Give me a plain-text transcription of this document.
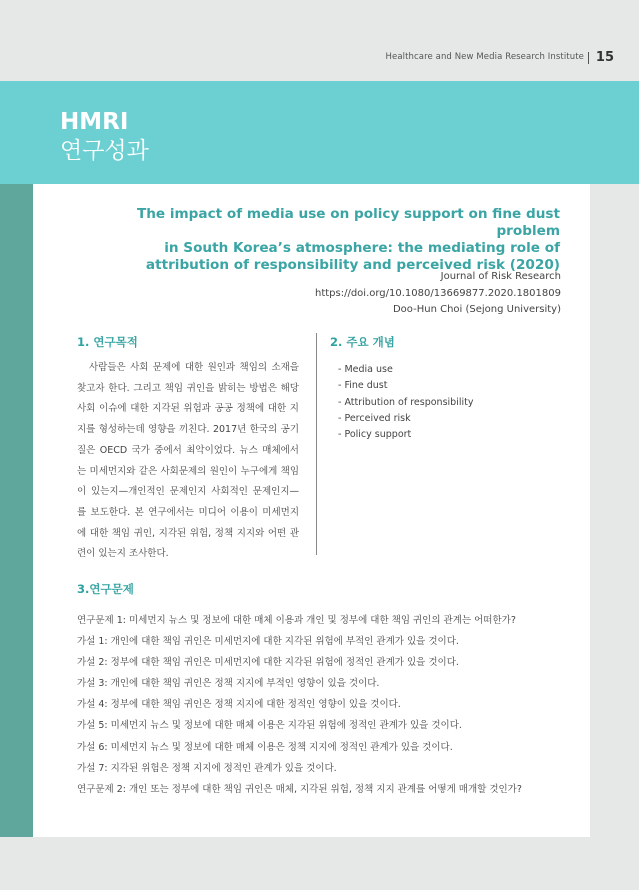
Healthcare and New Media Research Institute 15
HMRI
연구성과
The impact of media use on policy support on fine dust problem
in South Korea’s atmosphere: the mediating role of
attribution of responsibility and perceived risk (2020)
Journal of Risk Research
https://doi.org/10.1080/13669877.2020.1801809
Doo-Hun Choi (Sejong University)
1. 연구목적
사람들은 사회 문제에 대한 원인과 책임의 소재을 찾고자 한다. 그리고 책임 귀인을 밝히는 방법은 해당 사회 이슈에 대한 지각된 위험과 공공 정책에 대한 지지를 형성하는데 영향을 끼친다. 2017년 한국의 공기질은 OECD 국가 중에서 최악이었다. 뉴스 매체에서는 미세먼지와 같은 사회문제의 원인이 누구에게 책임이 있는지—개인적인 문제인지 사회적인 문제인지—를 보도한다. 본 연구에서는 미디어 이용이 미세먼지에 대한 책임 귀인, 지각된 위험, 정책 지지와 어떤 관련이 있는지 조사한다.
2. 주요 개념
- Media use
- Fine dust
- Attribution of responsibility
- Perceived risk
- Policy support
3.연구문제
연구문제 1: 미세먼지 뉴스 및 정보에 대한 매체 이용과 개인 및 정부에 대한 책임 귀인의 관계는 어떠한가?
가설 1: 개인에 대한 책임 귀인은 미세먼지에 대한 지각된 위험에 부적인 관계가 있을 것이다.
가설 2: 정부에 대한 책임 귀인은 미세먼지에 대한 지각된 위험에 정적인 관계가 있을 것이다.
가설 3: 개인에 대한 책임 귀인은 정책 지지에 부적인 영향이 있을 것이다.
가설 4: 정부에 대한 책임 귀인은 정책 지지에 대한 정적인 영향이 있을 것이다.
가설 5: 미세먼지 뉴스 및 정보에 대한 매체 이용은 지각된 위험에 정적인 관계가 있을 것이다.
가설 6: 미세먼지 뉴스 및 정보에 대한 매체 이용은 정책 지지에 정적인 관계가 있을 것이다.
가설 7: 지각된 위험은 정책 지지에 정적인 관계가 있을 것이다.
연구문제 2: 개인 또는 정부에 대한 책임 귀인은 매체, 지각된 위험, 정책 지지 관계를 어떻게 매개할 것인가?
